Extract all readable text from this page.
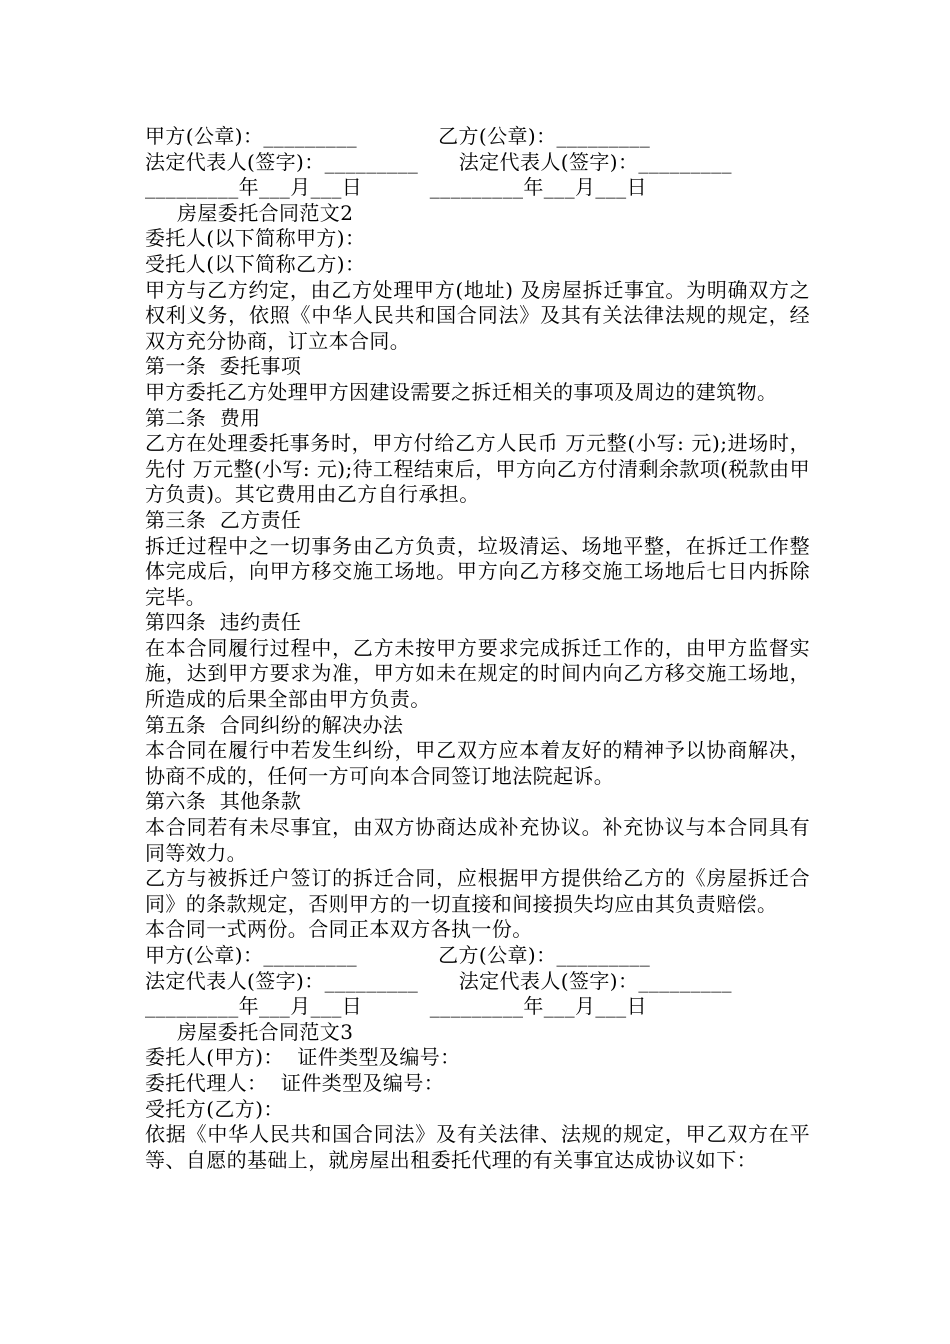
甲方(公章)：_________            乙方(公章)：_________
法定代表人(签字)：_________      法定代表人(签字)：_________
_________年___月___日          _________年___月___日
房屋委托合同范文2
委托人(以下简称甲方)：
受托人(以下简称乙方)：
甲方与乙方约定，由乙方处理甲方(地址) 及房屋拆迁事宜。为明确双方之权利义务，依照《中华人民共和国合同法》及其有关法律法规的规定，经双方充分协商，订立本合同。
第一条  委托事项
甲方委托乙方处理甲方因建设需要之拆迁相关的事项及周边的建筑物。
第二条  费用
乙方在处理委托事务时，甲方付给乙方人民币 万元整(小写: 元);进场时，先付 万元整(小写: 元);待工程结束后，甲方向乙方付清剩余款项(税款由甲方负责)。其它费用由乙方自行承担。
第三条  乙方责任
拆迁过程中之一切事务由乙方负责，垃圾清运、场地平整，在拆迁工作整体完成后，向甲方移交施工场地。甲方向乙方移交施工场地后七日内拆除完毕。
第四条  违约责任
在本合同履行过程中，乙方未按甲方要求完成拆迁工作的，由甲方监督实施，达到甲方要求为准，甲方如未在规定的时间内向乙方移交施工场地，所造成的后果全部由甲方负责。
第五条  合同纠纷的解决办法
本合同在履行中若发生纠纷，甲乙双方应本着友好的精神予以协商解决，协商不成的，任何一方可向本合同签订地法院起诉。
第六条  其他条款
本合同若有未尽事宜，由双方协商达成补充协议。补充协议与本合同具有同等效力。
乙方与被拆迁户签订的拆迁合同，应根据甲方提供给乙方的《房屋拆迁合同》的条款规定，否则甲方的一切直接和间接损失均应由其负责赔偿。
本合同一式两份。合同正本双方各执一份。
甲方(公章)：_________            乙方(公章)：_________
法定代表人(签字)：_________      法定代表人(签字)：_________
_________年___月___日          _________年___月___日
房屋委托合同范文3
委托人(甲方)：  证件类型及编号：
委托代理人：  证件类型及编号：
受托方(乙方)：
依据《中华人民共和国合同法》及有关法律、法规的规定，甲乙双方在平等、自愿的基础上，就房屋出租委托代理的有关事宜达成协议如下：
